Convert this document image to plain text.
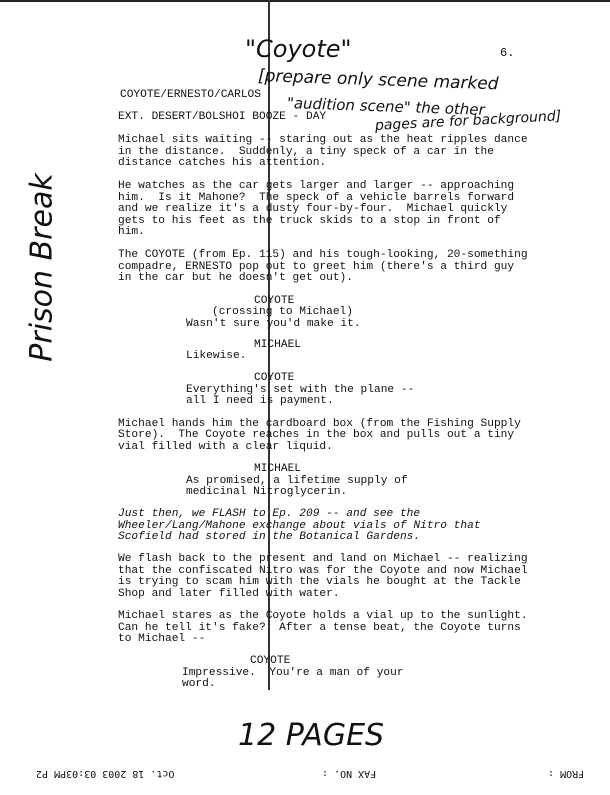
6.
"Coyote"
[prepare only scene marked
"audition scene" the other
pages are for background]
Prison Break
12 PAGES
COYOTE/ERNESTO/CARLOS
EXT. DESERT/BOLSHOI BOOZE - DAY
Michael sits waiting -- staring out as the heat ripples dance
in the distance.  Suddenly, a tiny speck of a car in the
distance catches his attention.
He watches as the car gets larger and larger -- approaching
him.  Is it Mahone?  The speck of a vehicle barrels forward
and we realize it's a dusty four-by-four.  Michael quickly
gets to his feet as the truck skids to a stop in front of
him.
The COYOTE (from Ep. 115) and his tough-looking, 20-something
compadre, ERNESTO pop out to greet him (there's a third guy
in the car but he doesn't get out).
COYOTE
(crossing to Michael)
Wasn't sure you'd make it.
MICHAEL
Likewise.
COYOTE
Everything's set with the plane --
all I need is payment.
Michael hands him the cardboard box (from the Fishing Supply
Store).  The Coyote reaches in the box and pulls out a tiny
vial filled with a clear liquid.
MICHAEL
As promised, a lifetime supply of
medicinal Nitroglycerin.
Just then, we FLASH to Ep. 209 -- and see the
Wheeler/Lang/Mahone exchange about vials of Nitro that
Scofield had stored in the Botanical Gardens.
We flash back to the present and land on Michael -- realizing
that the confiscated Nitro was for the Coyote and now Michael
is trying to scam him with the vials he bought at the Tackle
Shop and later filled with water.
Michael stares as the Coyote holds a vial up to the sunlight.
Can he tell it's fake?  After a tense beat, the Coyote turns
to Michael --
COYOTE
Impressive.  You're a man of your
word.
Oct. 18 2003 03:03PM P2	FAX NO. :	FROM :
